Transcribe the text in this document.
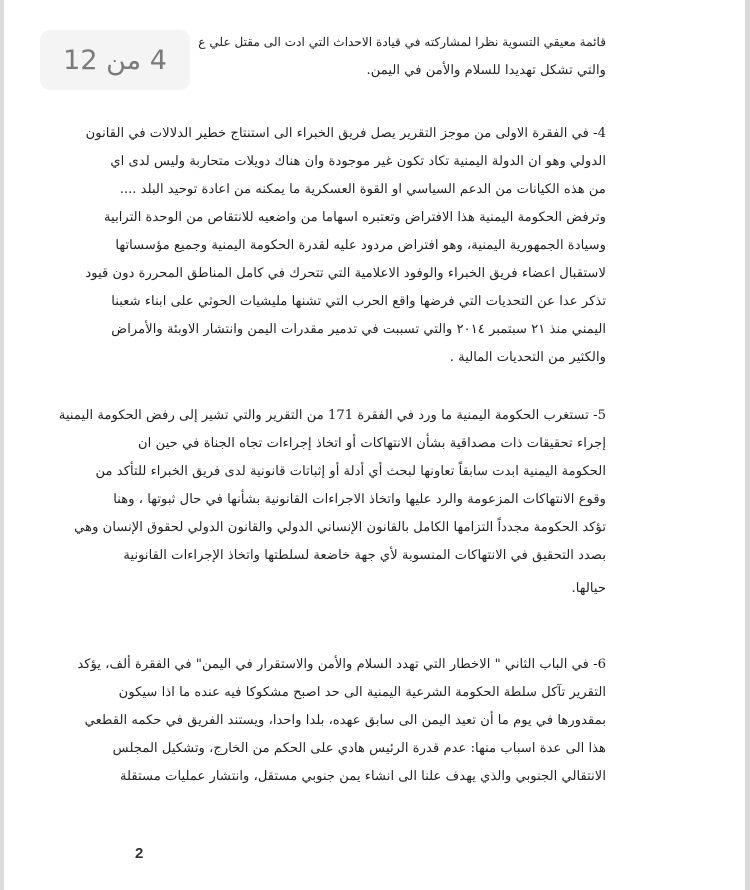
قائمة معيقي التسوية نظرا لمشاركته في قيادة الاحداث التي ادت الى مقتل علي ع
والتي تشكل تهديدا للسلام والأمن في اليمن.
4- في الفقرة الاولى من موجز التقرير يصل فريق الخبراء الى استنتاج خطير الدلالات في القانون
الدولي وهو ان الدولة اليمنية تكاد تكون غير موجودة وان هناك دويلات متحاربة وليس لدى اي
من هذه الكيانات من الدعم السياسي او القوة العسكرية ما يمكنه من اعادة توحيد البلد ....
وترفض الحكومة اليمنية هذا الافتراض وتعتبره اسهاما من واضعيه للانتقاص من الوحدة الترابية
وسيادة الجمهورية اليمنية، وهو افتراض مردود عليه لقدرة الحكومة اليمنية وجميع مؤسساتها
لاستقبال اعضاء فريق الخبراء والوفود الاعلامية التي تتحرك في كامل المناطق المحررة دون قيود
تذكر عدا عن التحديات التي فرضها واقع الحرب التي تشنها مليشيات الحوثي على ابناء شعبنا
اليمني منذ ٢١ سبتمبر ٢٠١٤ والتي تسببت في تدمير مقدرات اليمن وانتشار الاوبئة والأمراض
والكثير من التحديات المالية .
5- تستغرب الحكومة اليمنية ما ورد في الفقرة 171 من التقرير والتي تشير إلى رفض الحكومة اليمنية
إجراء تحقيقات ذات مصداقية بشأن الانتهاكات أو اتخاذ إجراءات تجاه الجناة في حين ان
الحكومة اليمنية ابدت سابقاً تعاونها لبحث أي أدلة أو إثباتات قانونية لدى فريق الخبراء للتأكد من
وقوع الانتهاكات المزعومة والرد عليها واتخاذ الاجراءات القانونية بشأنها في حال ثبوتها ، وهنا
تؤكد الحكومة مجدداً التزامها الكامل بالقانون الإنساني الدولي والقانون الدولي لحقوق الإنسان وهي
بصدد التحقيق في الانتهاكات المنسوبة لأي جهة خاضعة لسلطتها واتخاذ الإجراءات القانونية
حيالها.
6- في الباب الثاني " الاخطار التي تهدد السلام والأمن والاستقرار في اليمن" في الفقرة ألف، يؤكد
التقرير تآكل سلطة الحكومة الشرعية اليمنية الى حد اصبح مشكوكا فيه عنده ما اذا سيكون
بمقدورها في يوم ما أن تعيد اليمن الى سابق عهده، بلدا واحدا، ويستند الفريق في حكمه القطعي
هذا الى عدة اسباب منها: عدم قدرة الرئيس هادي على الحكم من الخارج، وتشكيل المجلس
الانتقالي الجنوبي والذي يهدف علنا الى انشاء يمن جنوبي مستقل، وانتشار عمليات مستقلة
2
4 من 12
